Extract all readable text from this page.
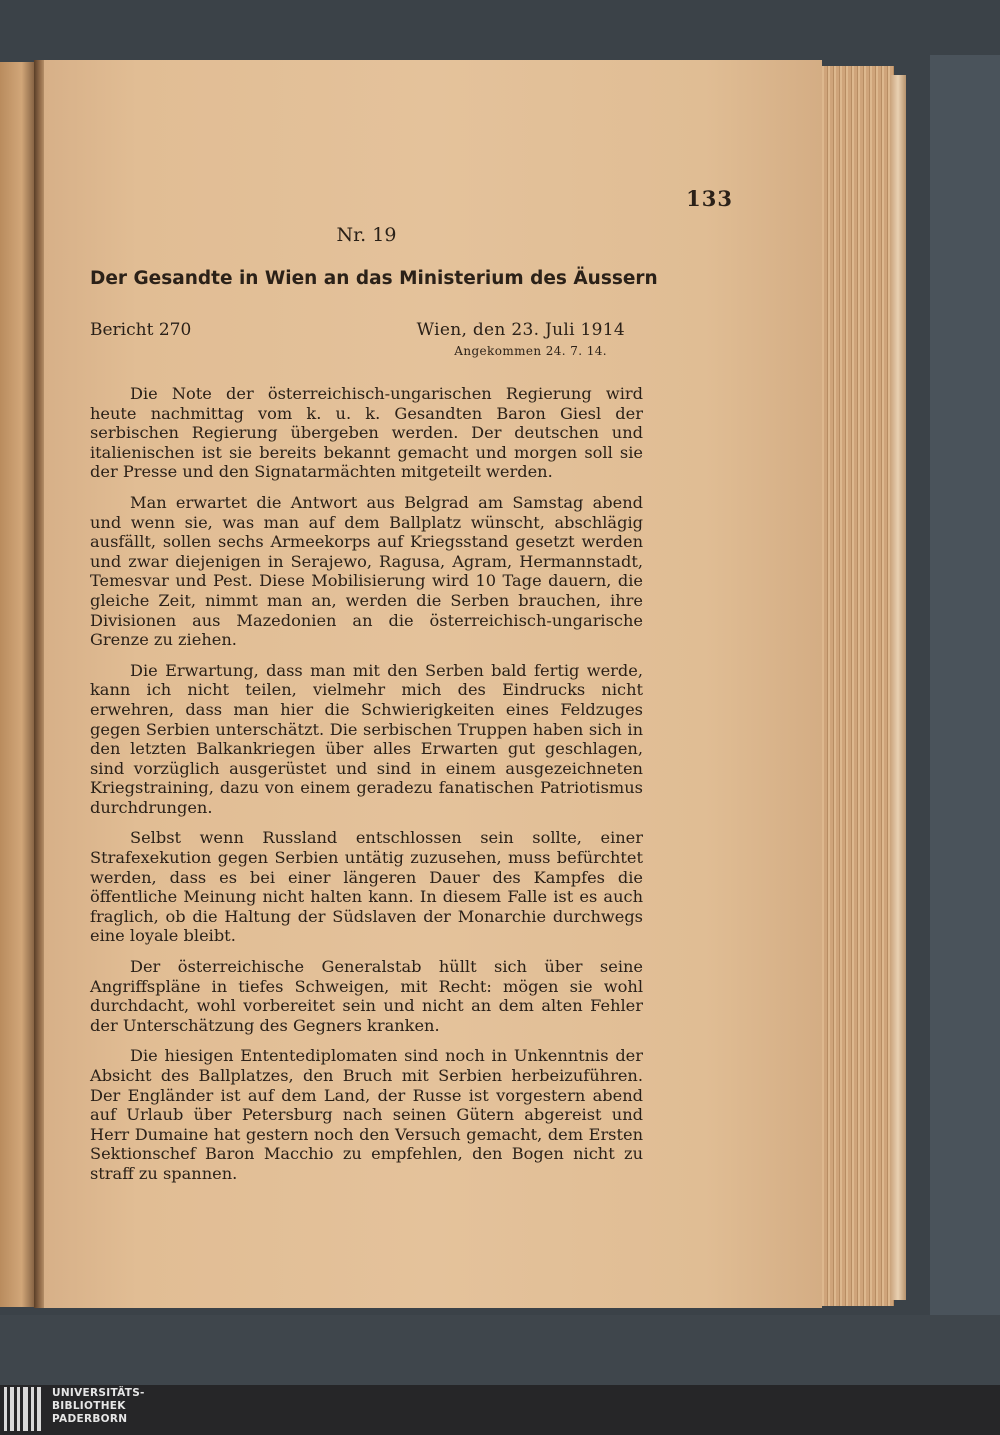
133
Nr. 19
Der Gesandte in Wien an das Ministerium des Äussern
Bericht 270	Wien, den 23. Juli 1914
Angekommen 24. 7. 14.

Die Note der österreichisch-ungarischen Regierung wird heute nachmittag vom k. u. k. Gesandten Baron Giesl der serbischen Regierung übergeben werden. Der deutschen und italienischen ist sie bereits bekannt gemacht und morgen soll sie der Presse und den Signatarmächten mitgeteilt werden.

Man erwartet die Antwort aus Belgrad am Samstag abend und wenn sie, was man auf dem Ballplatz wünscht, abschlägig ausfällt, sollen sechs Armeekorps auf Kriegsstand gesetzt werden und zwar diejenigen in Serajewo, Ragusa, Agram, Hermannstadt, Temesvar und Pest. Diese Mobilisierung wird 10 Tage dauern, die gleiche Zeit, nimmt man an, werden die Serben brauchen, ihre Divisionen aus Mazedonien an die österreichisch-ungarische Grenze zu ziehen.

Die Erwartung, dass man mit den Serben bald fertig werde, kann ich nicht teilen, vielmehr mich des Eindrucks nicht erwehren, dass man hier die Schwierigkeiten eines Feldzuges gegen Serbien unterschätzt. Die serbischen Truppen haben sich in den letzten Balkankriegen über alles Erwarten gut geschlagen, sind vorzüglich ausgerüstet und sind in einem ausgezeichneten Kriegstraining, dazu von einem geradezu fanatischen Patriotismus durchdrungen.

Selbst wenn Russland entschlossen sein sollte, einer Strafexekution gegen Serbien untätig zuzusehen, muss befürchtet werden, dass es bei einer längeren Dauer des Kampfes die öffentliche Meinung nicht halten kann. In diesem Falle ist es auch fraglich, ob die Haltung der Südslaven der Monarchie durchwegs eine loyale bleibt.

Der österreichische Generalstab hüllt sich über seine Angriffspläne in tiefes Schweigen, mit Recht: mögen sie wohl durchdacht, wohl vorbereitet sein und nicht an dem alten Fehler der Unterschätzung des Gegners kranken.

Die hiesigen Ententediplomaten sind noch in Unkenntnis der Absicht des Ballplatzes, den Bruch mit Serbien herbeizuführen. Der Engländer ist auf dem Land, der Russe ist vorgestern abend auf Urlaub über Petersburg nach seinen Gütern abgereist und Herr Dumaine hat gestern noch den Versuch gemacht, dem Ersten Sektionschef Baron Macchio zu empfehlen, den Bogen nicht zu straff zu spannen.

UNIVERSITÄTS-
BIBLIOTHEK
PADERBORN
